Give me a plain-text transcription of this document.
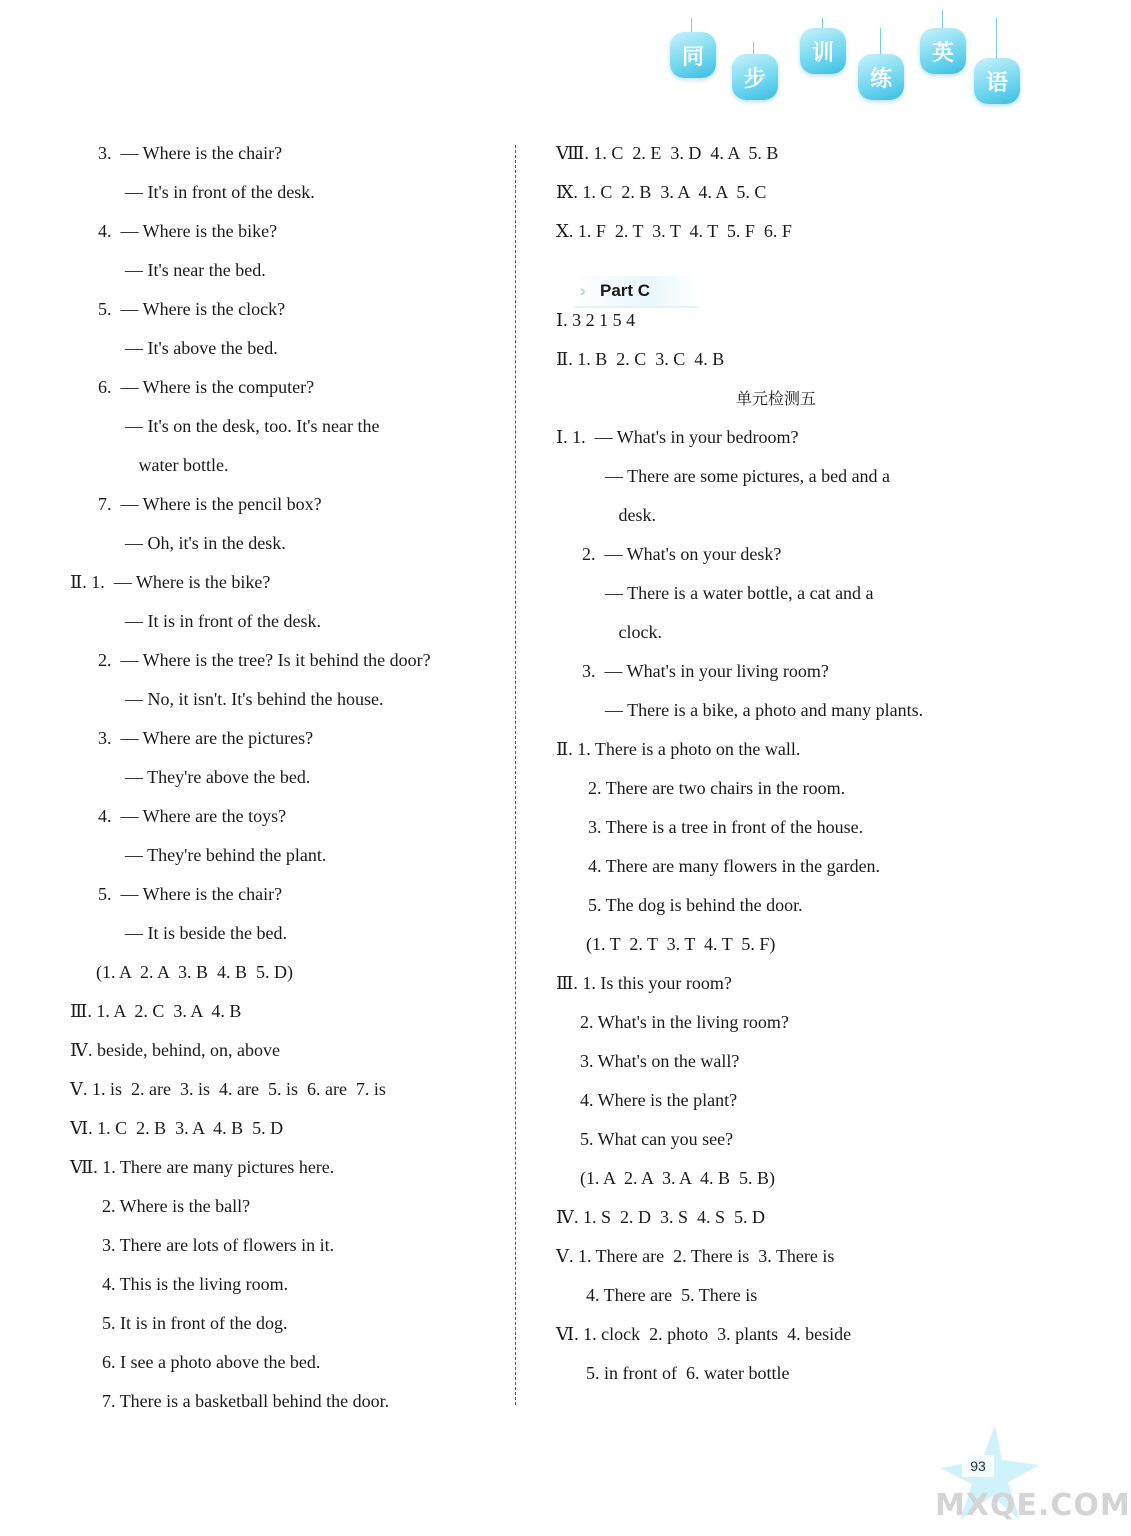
同
步
训
练
英
语
3.  — Where is the chair?
— It's in front of the desk.
4.  — Where is the bike?
— It's near the bed.
5.  — Where is the clock?
— It's above the bed.
6.  — Where is the computer?
— It's on the desk, too. It's near the
water bottle.
7.  — Where is the pencil box?
— Oh, it's in the desk.
Ⅱ. 1.  — Where is the bike?
— It is in front of the desk.
2.  — Where is the tree? Is it behind the door?
— No, it isn't. It's behind the house.
3.  — Where are the pictures?
— They're above the bed.
4.  — Where are the toys?
— They're behind the plant.
5.  — Where is the chair?
— It is beside the bed.
(1. A  2. A  3. B  4. B  5. D)
Ⅲ. 1. A  2. C  3. A  4. B
Ⅳ. beside, behind, on, above
Ⅴ. 1. is  2. are  3. is  4. are  5. is  6. are  7. is
Ⅵ. 1. C  2. B  3. A  4. B  5. D
Ⅶ. 1. There are many pictures here.
2. Where is the ball?
3. There are lots of flowers in it.
4. This is the living room.
5. It is in front of the dog.
6. I see a photo above the bed.
7. There is a basketball behind the door.
Ⅷ. 1. C  2. E  3. D  4. A  5. B
Ⅸ. 1. C  2. B  3. A  4. A  5. C
Ⅹ. 1. F  2. T  3. T  4. T  5. F  6. F

› Part C

Ⅰ. 3 2 1 5 4
Ⅱ. 1. B  2. C  3. C  4. B
单元检测五
Ⅰ. 1.  — What's in your bedroom?
— There are some pictures, a bed and a
desk.
2.  — What's on your desk?
— There is a water bottle, a cat and a
clock.
3.  — What's in your living room?
— There is a bike, a photo and many plants.
Ⅱ. 1. There is a photo on the wall.
2. There are two chairs in the room.
3. There is a tree in front of the house.
4. There are many flowers in the garden.
5. The dog is behind the door.
(1. T  2. T  3. T  4. T  5. F)
Ⅲ. 1. Is this your room?
2. What's in the living room?
3. What's on the wall?
4. Where is the plant?
5. What can you see?
(1. A  2. A  3. A  4. B  5. B)
Ⅳ. 1. S  2. D  3. S  4. S  5. D
Ⅴ. 1. There are  2. There is  3. There is
4. There are  5. There is
Ⅵ. 1. clock  2. photo  3. plants  4. beside
5. in front of  6. water bottle
MXQE.COM
93
